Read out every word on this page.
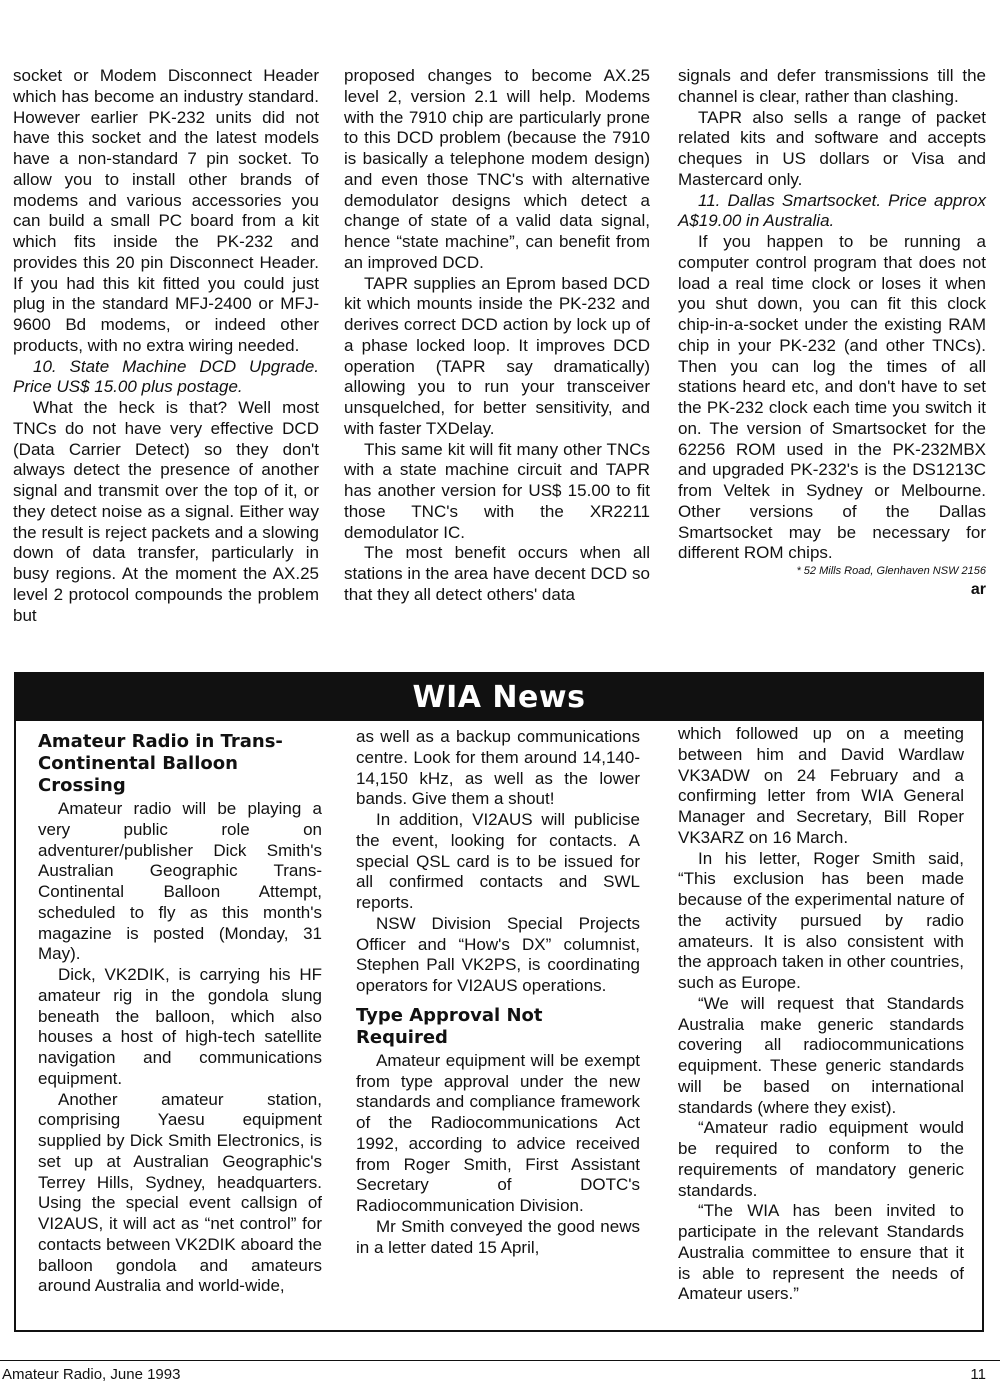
socket or Modem Disconnect Header which has become an industry standard. However earlier PK-232 units did not have this socket and the latest models have a non-standard 7 pin socket. To allow you to install other brands of modems and various accessories you can build a small PC board from a kit which fits inside the PK-232 and provides this 20 pin Disconnect Header. If you had this kit fitted you could just plug in the standard MFJ-2400 or MFJ-9600 Bd modems, or indeed other products, with no extra wiring needed.

10. State Machine DCD Upgrade. Price US$ 15.00 plus postage.

What the heck is that? Well most TNCs do not have very effective DCD (Data Carrier Detect) so they don't always detect the presence of another signal and transmit over the top of it, or they detect noise as a signal. Either way the result is reject packets and a slowing down of data transfer, particularly in busy regions. At the moment the AX.25 level 2 protocol compounds the problem but

proposed changes to become AX.25 level 2, version 2.1 will help. Modems with the 7910 chip are particularly prone to this DCD problem (because the 7910 is basically a telephone modem design) and even those TNC's with alternative demodulator designs which detect a change of state of a valid data signal, hence “state machine”, can benefit from an improved DCD.

TAPR supplies an Eprom based DCD kit which mounts inside the PK-232 and derives correct DCD action by lock up of a phase locked loop. It improves DCD operation (TAPR say dramatically) allowing you to run your transceiver unsquelched, for better sensitivity, and with faster TXDelay.

This same kit will fit many other TNCs with a state machine circuit and TAPR has another version for US$ 15.00 to fit those TNC's with the XR2211 demodulator IC.

The most benefit occurs when all stations in the area have decent DCD so that they all detect others' data

signals and defer transmissions till the channel is clear, rather than clashing.

TAPR also sells a range of packet related kits and software and accepts cheques in US dollars or Visa and Mastercard only.

11. Dallas Smartsocket. Price approx A$19.00 in Australia.

If you happen to be running a computer control program that does not load a real time clock or loses it when you shut down, you can fit this clock chip-in-a-socket under the existing RAM chip in your PK-232 (and other TNCs). Then you can log the times of all stations heard etc, and don't have to set the PK-232 clock each time you switch it on. The version of Smartsocket for the 62256 ROM used in the PK-232MBX and upgraded PK-232's is the DS1213C from Veltek in Sydney or Melbourne. Other versions of the Dallas Smartsocket may be necessary for different ROM chips.

* 52 Mills Road, Glenhaven NSW 2156

ar

WIA News
Amateur Radio in Trans-Continental Balloon Crossing

Amateur radio will be playing a very public role on adventurer/publisher Dick Smith's Australian Geographic Trans-Continental Balloon Attempt, scheduled to fly as this month's magazine is posted (Monday, 31 May).

Dick, VK2DIK, is carrying his HF amateur rig in the gondola slung beneath the balloon, which also houses a host of high-tech satellite navigation and communications equipment.

Another amateur station, comprising Yaesu equipment supplied by Dick Smith Electronics, is set up at Australian Geographic's Terrey Hills, Sydney, headquarters. Using the special event callsign of VI2AUS, it will act as “net control” for contacts between VK2DIK aboard the balloon gondola and amateurs around Australia and world-wide,

as well as a backup communications centre. Look for them around 14,140-14,150 kHz, as well as the lower bands. Give them a shout!

In addition, VI2AUS will publicise the event, looking for contacts. A special QSL card is to be issued for all confirmed contacts and SWL reports.

NSW Division Special Projects Officer and “How's DX” columnist, Stephen Pall VK2PS, is coordinating operators for VI2AUS operations.

Type Approval Not Required

Amateur equipment will be exempt from type approval under the new standards and compliance framework of the Radiocommunications Act 1992, according to advice received from Roger Smith, First Assistant Secretary of DOTC's Radiocommunication Division.

Mr Smith conveyed the good news in a letter dated 15 April,

which followed up on a meeting between him and David Wardlaw VK3ADW on 24 February and a confirming letter from WIA General Manager and Secretary, Bill Roper VK3ARZ on 16 March.

In his letter, Roger Smith said, “This exclusion has been made because of the experimental nature of the activity pursued by radio amateurs. It is also consistent with the approach taken in other countries, such as Europe.

“We will request that Standards Australia make generic standards covering all radiocommunications equipment. These generic standards will be based on international standards (where they exist).

“Amateur radio equipment would be required to conform to the requirements of mandatory generic standards.

“The WIA has been invited to participate in the relevant Standards Australia committee to ensure that it is able to represent the needs of Amateur users.”

Amateur Radio, June 1993	11
